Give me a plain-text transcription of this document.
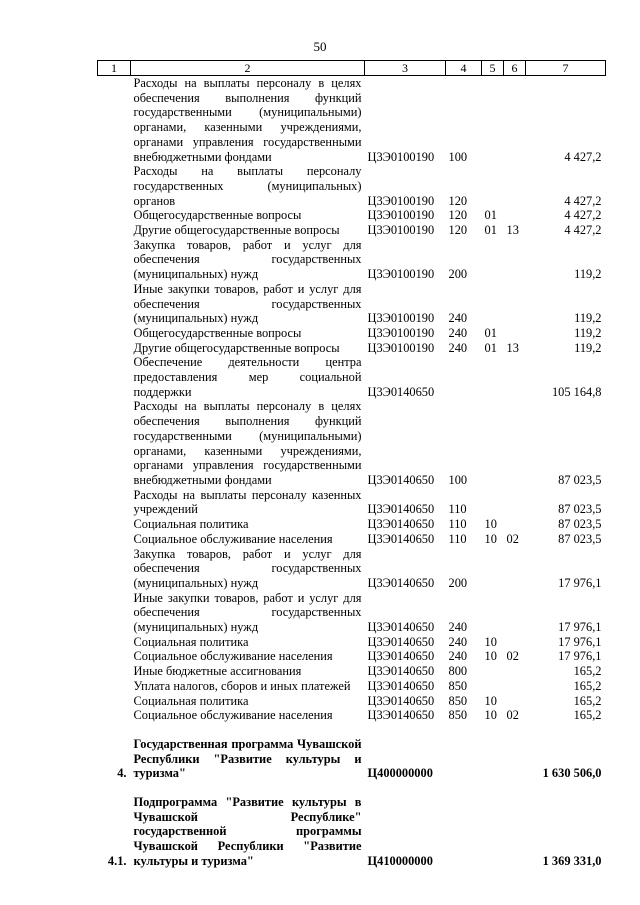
50
1	2	3	4	5	6	7
	Расходы на выплаты персоналу в целях обеспечения выполнения функций государственными (муниципальными) органами, казенными учреждениями, органами управления государственными внебюджетными фондами	Ц3Э0100190	100			4 427,2
	Расходы на выплаты персоналу государственных (муниципальных) органов	Ц3Э0100190	120			4 427,2
	Общегосударственные вопросы	Ц3Э0100190	120	01		4 427,2
	Другие общегосударственные вопросы	Ц3Э0100190	120	01	13	4 427,2
	Закупка товаров, работ и услуг для обеспечения государственных (муниципальных) нужд	Ц3Э0100190	200			119,2
	Иные закупки товаров, работ и услуг для обеспечения государственных (муниципальных) нужд	Ц3Э0100190	240			119,2
	Общегосударственные вопросы	Ц3Э0100190	240	01		119,2
	Другие общегосударственные вопросы	Ц3Э0100190	240	01	13	119,2
	Обеспечение деятельности центра предоставления мер социальной поддержки	Ц3Э0140650				105 164,8
	Расходы на выплаты персоналу в целях обеспечения выполнения функций государственными (муниципальными) органами, казенными учреждениями, органами управления государственными внебюджетными фондами	Ц3Э0140650	100			87 023,5
	Расходы на выплаты персоналу казенных учреждений	Ц3Э0140650	110			87 023,5
	Социальная политика	Ц3Э0140650	110	10		87 023,5
	Социальное обслуживание населения	Ц3Э0140650	110	10	02	87 023,5
	Закупка товаров, работ и услуг для обеспечения государственных (муниципальных) нужд	Ц3Э0140650	200			17 976,1
	Иные закупки товаров, работ и услуг для обеспечения государственных (муниципальных) нужд	Ц3Э0140650	240			17 976,1
	Социальная политика	Ц3Э0140650	240	10		17 976,1
	Социальное обслуживание населения	Ц3Э0140650	240	10	02	17 976,1
	Иные бюджетные ассигнования	Ц3Э0140650	800			165,2
	Уплата налогов, сборов и иных платежей	Ц3Э0140650	850			165,2
	Социальная политика	Ц3Э0140650	850	10		165,2
	Социальное обслуживание населения	Ц3Э0140650	850	10	02	165,2

4.	Государственная программа Чувашской Республики "Развитие культуры и туризма"	Ц400000000				1 630 506,0

4.1.	Подпрограмма "Развитие культуры в Чувашской Республике" государственной программы Чувашской Республики "Развитие культуры и туризма"	Ц410000000				1 369 331,0
